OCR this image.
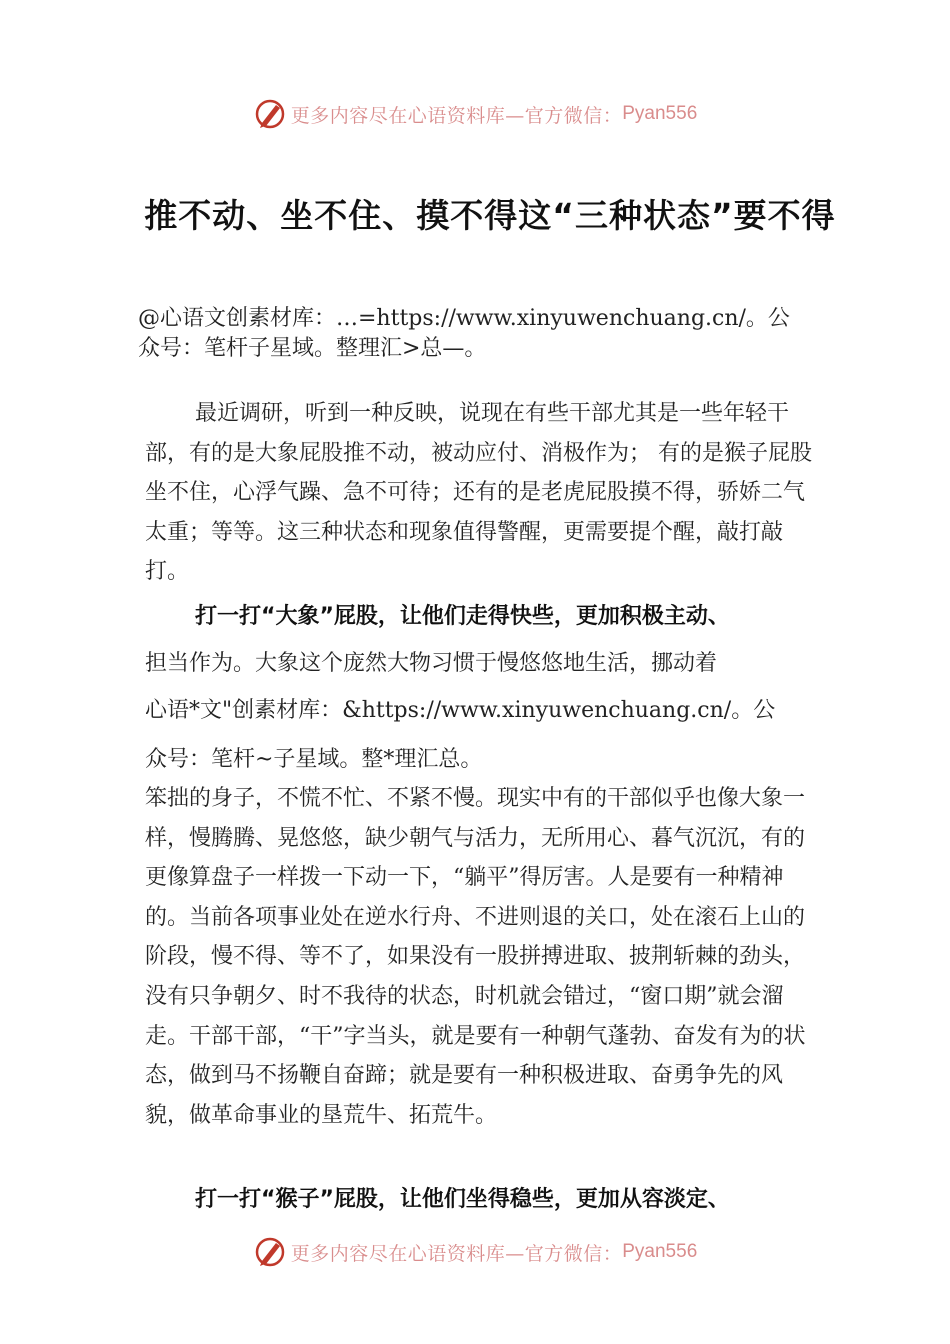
更多内容尽在心语资料库—官方微信： Pyan556
推不动、坐不住、摸不得这“三种状态”要不得
@心语文创素材库：…=https://www.xinyuwenchuang.cn/。公
众号：笔杆子星域。整理汇>总—。
最近调研，听到一种反映，说现在有些干部尤其是一些年轻干部，有的是大象屁股推不动，被动应付、消极作为； 有的是猴子屁股坐不住，心浮气躁、急不可待；还有的是老虎屁股摸不得，骄娇二气太重；等等。这三种状态和现象值得警醒，更需要提个醒，敲打敲打。
打一打“大象”屁股，让他们走得快些，更加积极主动、
担当作为。大象这个庞然大物习惯于慢悠悠地生活，挪动着
心语*文"创素材库：&https://www.xinyuwenchuang.cn/。公
众号：笔杆~子星域。整*理汇总。
笨拙的身子，不慌不忙、不紧不慢。现实中有的干部似乎也像大象一样，慢腾腾、晃悠悠，缺少朝气与活力，无所用心、暮气沉沉，有的更像算盘子一样拨一下动一下，“躺平”得厉害。人是要有一种精神的。当前各项事业处在逆水行舟、不进则退的关口，处在滚石上山的阶段，慢不得、等不了，如果没有一股拼搏进取、披荆斩棘的劲头，没有只争朝夕、时不我待的状态，时机就会错过，“窗口期”就会溜走。干部干部，“干”字当头，就是要有一种朝气蓬勃、奋发有为的状态，做到马不扬鞭自奋蹄；就是要有一种积极进取、奋勇争先的风貌，做革命事业的垦荒牛、拓荒牛。
打一打“猴子”屁股，让他们坐得稳些，更加从容淡定、
更多内容尽在心语资料库—官方微信： Pyan556
